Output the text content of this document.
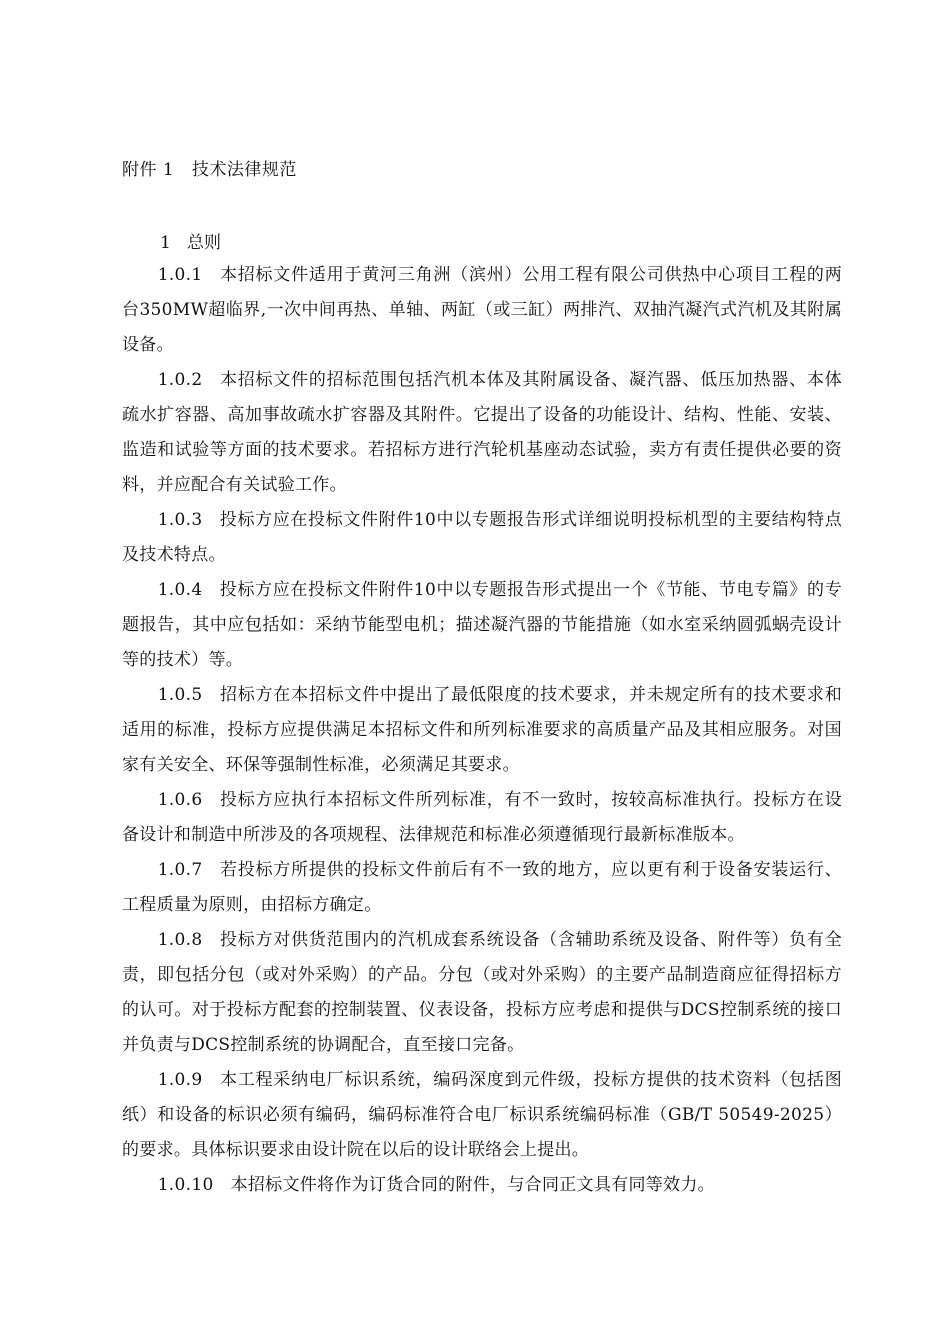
附件 1   技术法律规范
1   总则

1.0.1 本招标文件适用于黄河三角洲（滨州）公用工程有限公司供热中心项目工程的两台350MW超临界,一次中间再热、单轴、两缸（或三缸）两排汽、双抽汽凝汽式汽机及其附属设备。

1.0.2 本招标文件的招标范围包括汽机本体及其附属设备、凝汽器、低压加热器、本体疏水扩容器、高加事故疏水扩容器及其附件。它提出了设备的功能设计、结构、性能、安装、监造和试验等方面的技术要求。若招标方进行汽轮机基座动态试验，卖方有责任提供必要的资料，并应配合有关试验工作。

1.0.3 投标方应在投标文件附件10中以专题报告形式详细说明投标机型的主要结构特点及技术特点。

1.0.4 投标方应在投标文件附件10中以专题报告形式提出一个《节能、节电专篇》的专题报告，其中应包括如：采纳节能型电机；描述凝汽器的节能措施（如水室采纳圆弧蜗壳设计等的技术）等。

1.0.5 招标方在本招标文件中提出了最低限度的技术要求，并未规定所有的技术要求和适用的标准，投标方应提供满足本招标文件和所列标准要求的高质量产品及其相应服务。对国家有关安全、环保等强制性标准，必须满足其要求。

1.0.6 投标方应执行本招标文件所列标准，有不一致时，按较高标准执行。投标方在设备设计和制造中所涉及的各项规程、法律规范和标准必须遵循现行最新标准版本。

1.0.7 若投标方所提供的投标文件前后有不一致的地方，应以更有利于设备安装运行、工程质量为原则，由招标方确定。

1.0.8 投标方对供货范围内的汽机成套系统设备（含辅助系统及设备、附件等）负有全责，即包括分包（或对外采购）的产品。分包（或对外采购）的主要产品制造商应征得招标方的认可。对于投标方配套的控制装置、仪表设备，投标方应考虑和提供与DCS控制系统的接口并负责与DCS控制系统的协调配合，直至接口完备。

1.0.9 本工程采纳电厂标识系统，编码深度到元件级，投标方提供的技术资料（包括图纸）和设备的标识必须有编码，编码标准符合电厂标识系统编码标准（GB/T 50549-2025）的要求。具体标识要求由设计院在以后的设计联络会上提出。

1.0.10 本招标文件将作为订货合同的附件，与合同正文具有同等效力。
